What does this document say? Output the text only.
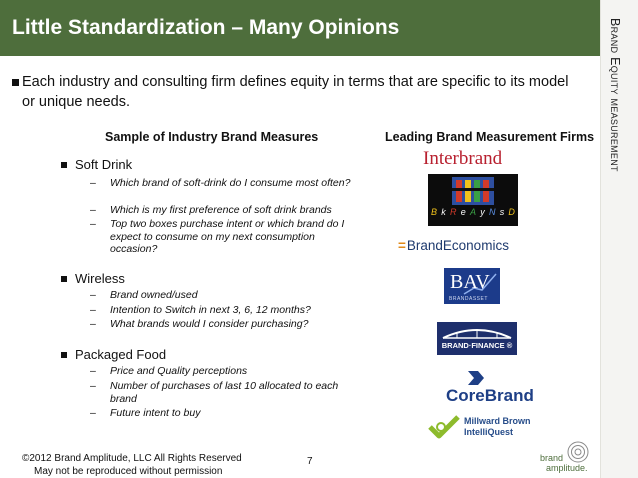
Little Standardization – Many Opinions	Brand Equity measurement
Each industry and consulting firm defines equity in terms that are specific to its model or unique needs.
Sample of Industry Brand Measures	Leading Brand Measurement Firms
Soft Drink
– Which brand of soft-drink do I consume most often?
– Which is my first preference of soft drink brands
– Top two boxes purchase intent or which brand do I expect to consume on my next consumption occasion?
Wireless
– Brand owned/used
– Intention to Switch in next 3, 6, 12 months?
– What brands would I consider purchasing?
Packaged Food
– Price and Quality perceptions
– Number of purchases of last 10 allocated to each brand
– Future intent to buy
Interbrand
B k R e A y N s D
=BrandEconomics
BAV
BRANDASSET
BRAND·FINANCE ®
CoreBrand
Millward Brown
IntelliQuest
©2012 Brand Amplitude, LLC All Rights Reserved
May not be reproduced without permission
7	brand
amplitude.
